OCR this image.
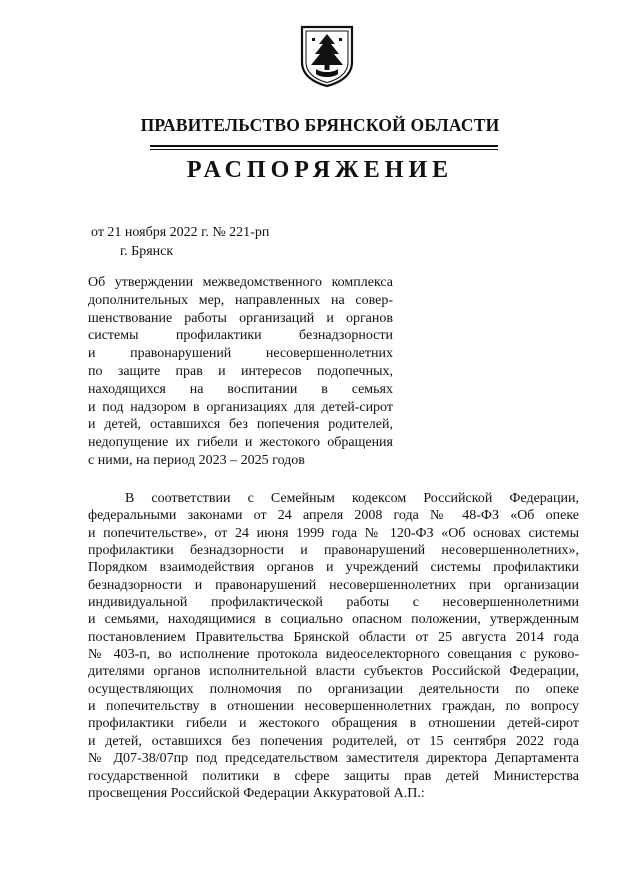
ПРАВИТЕЛЬСТВО БРЯНСКОЙ ОБЛАСТИ
РАСПОРЯЖЕНИЕ
от 21 ноября 2022 г. № 221-рп
г. Брянск
Об утверждении межведомственного комплекса
дополнительных мер, направленных на совер-
шенствование работы организаций и органов
системы профилактики безнадзорности
и правонарушений несовершеннолетних
по защите прав и интересов подопечных,
находящихся на воспитании в семьях
и под надзором в организациях для детей-сирот
и детей, оставшихся без попечения родителей,
недопущение их гибели и жестокого обращения
с ними, на период 2023 – 2025 годов
В соответствии с Семейным кодексом Российской Федерации,
федеральными законами от 24 апреля 2008 года № 48-ФЗ «Об опеке
и попечительстве», от 24 июня 1999 года № 120-ФЗ «Об основах системы
профилактики безнадзорности и правонарушений несовершеннолетних»,
Порядком взаимодействия органов и учреждений системы профилактики
безнадзорности и правонарушений несовершеннолетних при организации
индивидуальной профилактической работы с несовершеннолетними
и семьями, находящимися в социально опасном положении, утвержденным
постановлением Правительства Брянской области от 25 августа 2014 года
№ 403-п, во исполнение протокола видеоселекторного совещания с руково-
дителями органов исполнительной власти субъектов Российской Федерации,
осуществляющих полномочия по организации деятельности по опеке
и попечительству в отношении несовершеннолетних граждан, по вопросу
профилактики гибели и жестокого обращения в отношении детей-сирот
и детей, оставшихся без попечения родителей, от 15 сентября 2022 года
№ Д07-38/07пр под председательством заместителя директора Департамента
государственной политики в сфере защиты прав детей Министерства
просвещения Российской Федерации Аккуратовой А.П.:
